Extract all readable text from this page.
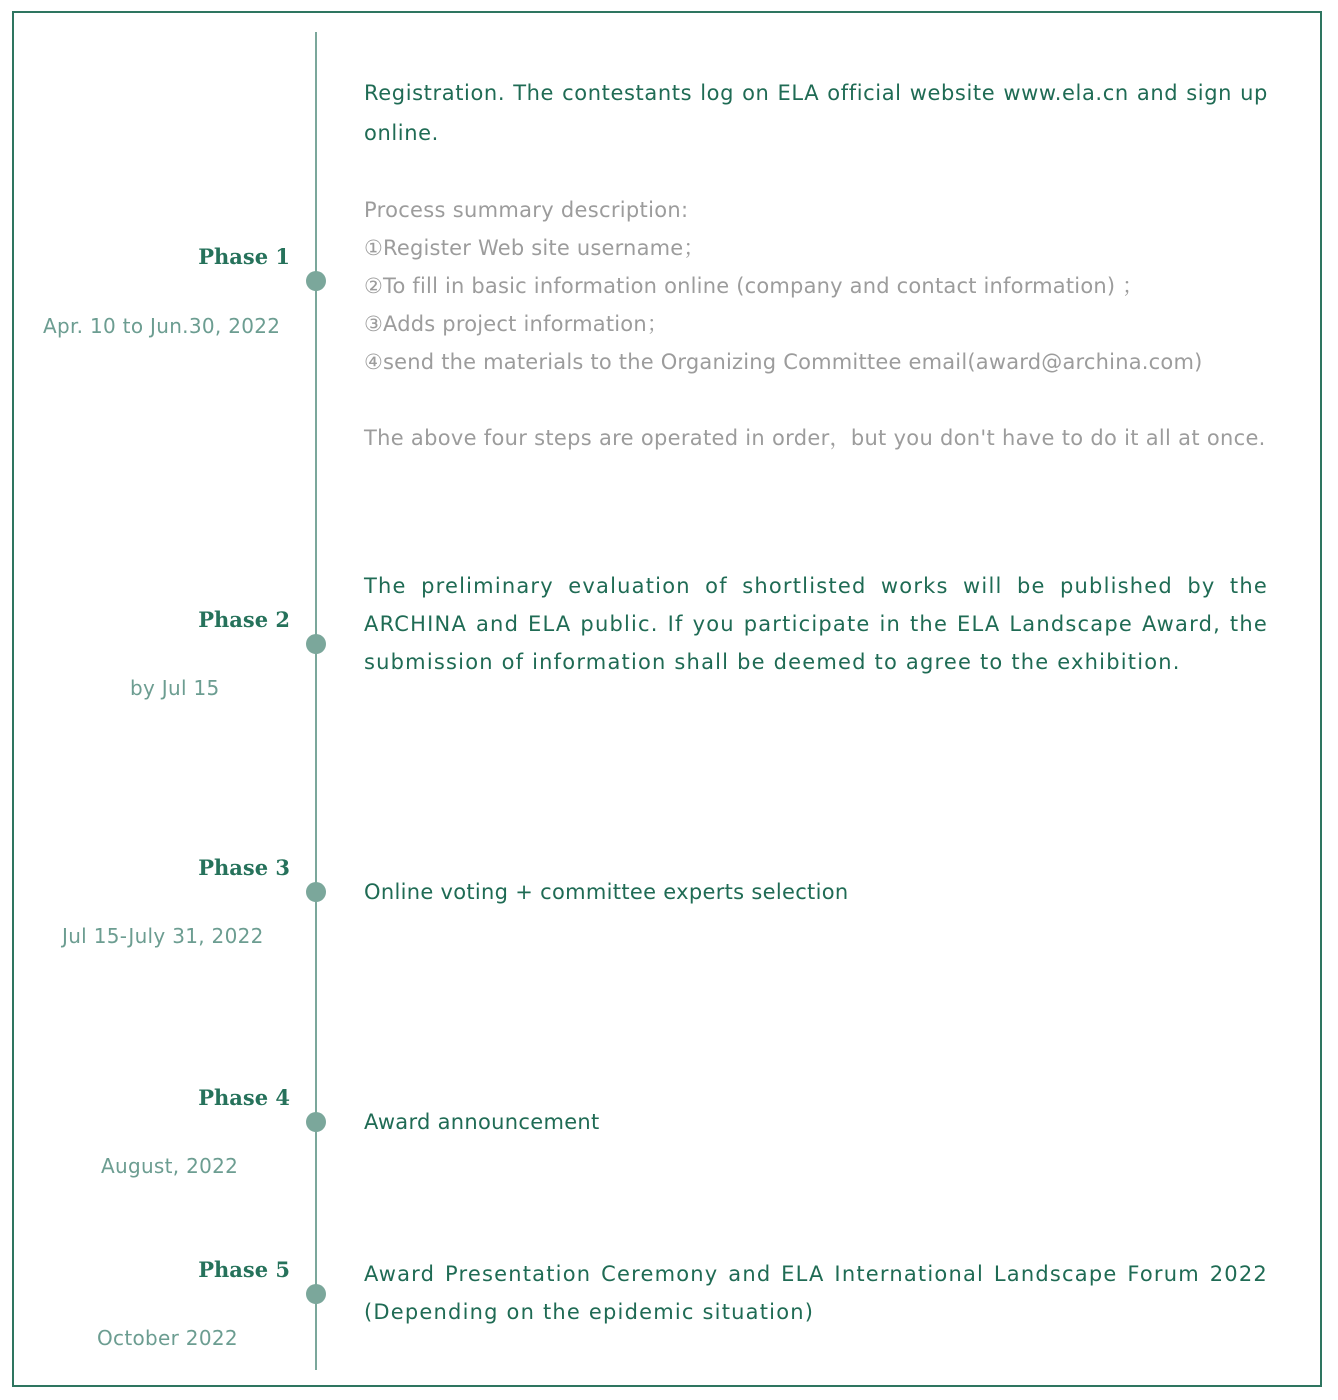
Phase 1
Apr. 10 to Jun.30, 2022

Registration. The contestants log on ELA official website www.ela.cn and sign up online.

Process summary description:

①Register Web site username；
②To fill in basic information online (company and contact information) ；
③Adds project information；
④send the materials to the Organizing Committee email(award@archina.com)

The above four steps are operated in order，but you don't have to do it all at once.

Phase 2
by Jul 15

The preliminary evaluation of shortlisted works will be published by the ARCHINA and ELA public. If you participate in the ELA Landscape Award, the submission of information shall be deemed to agree to the exhibition.

Phase 3
Jul 15-July 31, 2022

Online voting + committee experts selection

Phase 4
August, 2022

Award announcement

Phase 5
October 2022

Award Presentation Ceremony and ELA International Landscape Forum 2022 (Depending on the epidemic situation)
